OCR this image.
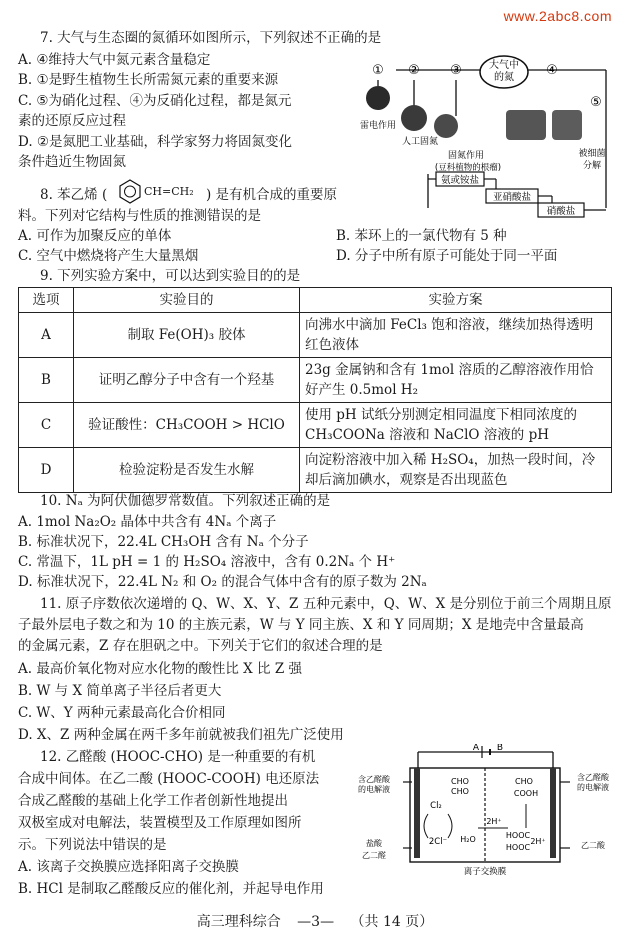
www.2abc8.com
7. 大气与生态圈的氮循环如图所示，下列叙述不正确的是
A. ④维持大气中氮元素含量稳定
B. ①是野生植物生长所需氮元素的重要来源
C. ⑤为硝化过程、④为反硝化过程，都是氮元
素的还原反应过程
D. ②是氮肥工业基础，科学家努力将固氮变化
条件趋近生物固氮
大气中
的氮
① ② ③	④
⑤
雷电作用
人工固氮
固氮作用
(豆科植物的根瘤)
被细菌
分解
氨或铵盐
亚硝酸盐
硝酸盐
8. 苯乙烯 (	CH=CH₂ ) 是有机合成的重要原
料。下列对它结构与性质的推测错误的是
A. 可作为加聚反应的单体	B. 苯环上的一氯代物有 5 种
C. 空气中燃烧将产生大量黑烟	D. 分子中所有原子可能处于同一平面
9. 下列实验方案中，可以达到实验目的的是
选项	实验目的	实验方案
A	制取 Fe(OH)₃ 胶体	向沸水中滴加 FeCl₃ 饱和溶液，继续加热得透明红色液体
B	证明乙醇分子中含有一个羟基	23g 金属钠和含有 1mol 溶质的乙醇溶液作用恰好产生 0.5mol H₂
C	验证酸性：CH₃COOH > HClO	使用 pH 试纸分别测定相同温度下相同浓度的 CH₃COONa 溶液和 NaClO 溶液的 pH
D	检验淀粉是否发生水解	向淀粉溶液中加入稀 H₂SO₄，加热一段时间，冷却后滴加碘水，观察是否出现蓝色
10. Nₐ 为阿伏伽德罗常数值。下列叙述正确的是
A. 1mol Na₂O₂ 晶体中共含有 4Nₐ 个离子
B. 标准状况下，22.4L CH₃OH 含有 Nₐ 个分子
C. 常温下，1L pH = 1 的 H₂SO₄ 溶液中，含有 0.2Nₐ 个 H⁺
D. 标准状况下，22.4L N₂ 和 O₂ 的混合气体中含有的原子数为 2Nₐ
11. 原子序数依次递增的 Q、W、X、Y、Z 五种元素中，Q、W、X 是分别位于前三个周期且原
子最外层电子数之和为 10 的主族元素，W 与 Y 同主族、X 和 Y 同周期；X 是地壳中含量最高
的金属元素，Z 存在胆矾之中。下列关于它们的叙述合理的是
A. 最高价氧化物对应水化物的酸性比 X 比 Z 强
B. W 与 X 简单离子半径后者更大
C. W、Y 两种元素最高化合价相同
D. X、Z 两种金属在两千多年前就被我们祖先广泛使用
12. 乙醛酸 (HOOC-CHO) 是一种重要的有机
合成中间体。在乙二酸 (HOOC-COOH) 电还原法
合成乙醛酸的基础上化学工作者创新性地提出
双极室成对电解法，装置模型及工作原理如图所
示。下列说法中错误的是
A. 该离子交换膜应选择阳离子交换膜
B. HCl 是制取乙醛酸反应的催化剂，并起导电作用
A B
离子交换膜
含乙醛酸
的电解液
含乙醛酸
的电解液
盐酸
乙二醛
乙二酸
Cl₂
2Cl⁻
CHO
CHO
H₂O
2H⁺
CHO
COOH
HOOC
HOOC
2H⁺
高三理科综合 —3— （共 14 页）
